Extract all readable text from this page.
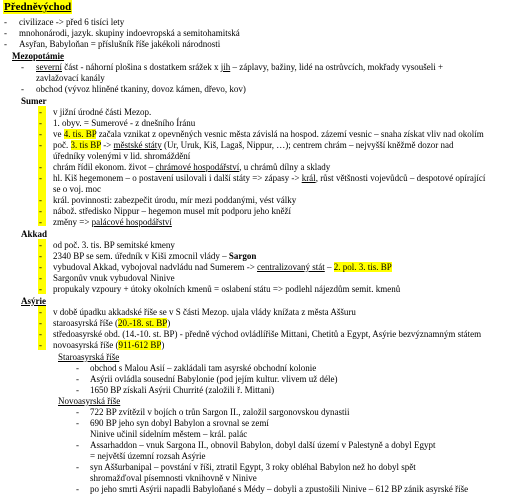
Předněvýchod
- civilizace -> před 6 tisíci lety
- mnohonárodi, jazyk. skupiny indoevropská a semitohamitská
- Asyřan, Babyloňan = příslušník říše jakékoli národnosti
Mezopotámie
- severní část - náhorní plošina s dostatkem srážek x jih – záplavy, bažiny, lidé na ostrůvcích, mokřady vysoušeli +
zavlažovací kanály
- obchod (vývoz hliněné tkaniny, dovoz kámen, dřevo, kov)
Sumer
- v jižní úrodné části Mezop.
- 1. obyv. = Sumerové - z dnešního Íránu
- ve 4. tis. BP začala vznikat z opevněných vesnic města závislá na hospod. zázemí vesnic – snaha získat vliv nad okolím
- poč. 3. tis BP -> městské státy (Ur, Uruk, Kiš, Lagaš, Nippur, …); centrem chrám – nejvyšší kněžmě dozor nad
úředníky volenými v lid. shromáždění
- chrám řídil ekonom. život – chrámové hospodářství, u chrámů dílny a sklady
- hl. Kiš hegemonem – o postavení usilovali i další státy => zápasy -> král, růst většnosti vojevůdců – despotové opírající
se o voj. moc
- král. povinnosti: zabezpečit úrodu, mír mezi poddanými, vést války
- nábož. středisko Nippur – hegemon musel mít podporu jeho kněží
- změny => palácové hospodářství
Akkad
- od poč. 3. tis. BP semitské kmeny
- 2340 BP se sem. úředník v Kiši zmocnil vlády – Sargon
- vybudoval Akkad, vybojoval nadvládu nad Sumerem -> centralizovaný stát – 2. pol. 3. tis. BP
- Sargonův vnuk vybudoval Ninive
- propukaly vzpoury + útoky okolních kmenů = oslabení státu => podlehl nájezdům semit. kmenů
Asýrie
- v době úpadku akkadské říše se v S části Mezop. ujala vlády knížata z města Aššuru
- staroasyrská říše (20.-18. st. BP)
- středoasyrské obd. (14.-10. st. BP) - předně východ ovládlířiše Mittani, Chetitů a Egypt, Asýrie bezvýznamným státem
- novoasyrská říše (911-612 BP)
Staroasyrská říše
- obchod s Malou Asií – zakládali tam asyrské obchodní kolonie
- Asýrii ovládla sousední Babylonie (pod jejím kultur. vlivem už déle)
- 1650 BP získali Asýrii Churrité (založili ř. Mittani)
Novoasyrská říše
- 722 BP zvítězil v bojích o trůn Sargon II., založil sargonovskou dynastii
- 690 BP jeho syn dobyl Babylon a srovnal se zemí
Ninive učinil sídelním městem – král. palác
- Assarhaddon – vnuk Sargona II., obnovil Babylon, dobyl další území v Palestyně a dobyl Egypt
= největší územní rozsah Asýrie
- syn Aššurbanipal – povstání v říši, ztratil Egypt, 3 roky obléhal Babylon než ho dobyl spět
shromažďoval písemnosti vknihovně v Ninive
- po jeho smrti Asýrii napadli Babyloňané s Médy – dobyli a zpustošili Ninive – 612 BP zánik asyrské říše
